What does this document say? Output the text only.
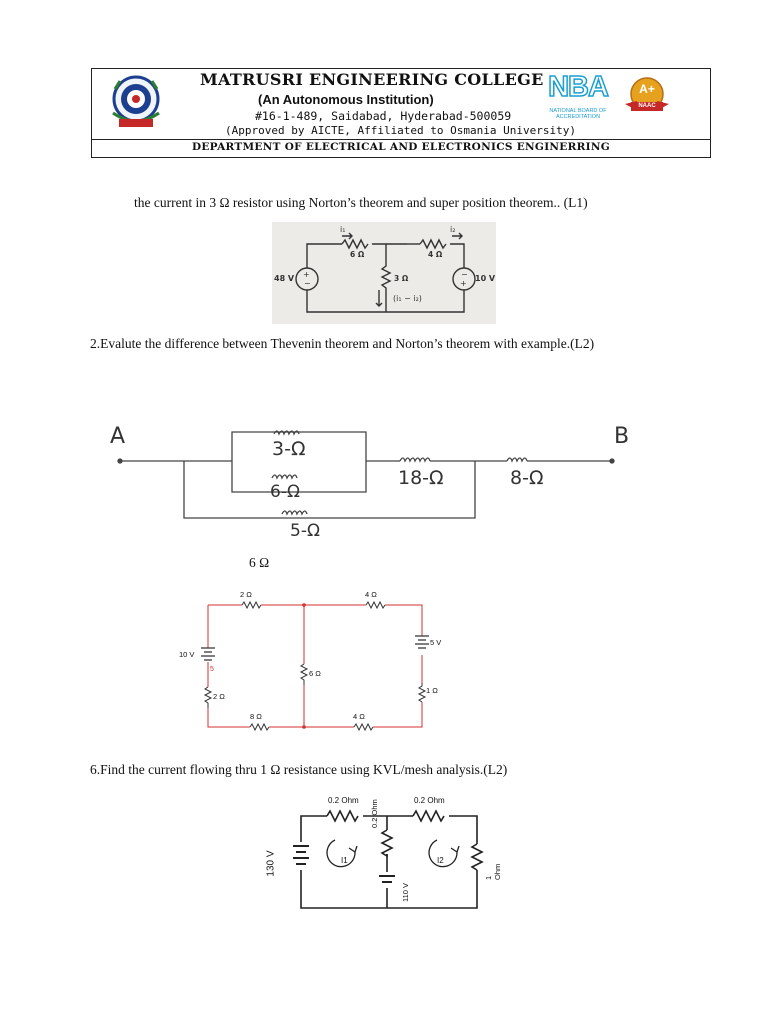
MATRUSRI ENGINEERING COLLEGE
(An Autonomous Institution)
#16-1-489, Saidabad, Hyderabad-500059
(Approved by AICTE, Affiliated to Osmania University)
DEPARTMENT OF ELECTRICAL AND ELECTRONICS ENGINERRING
NBA
NATIONAL BOARD OF ACCREDITATION
A+
NAAC
the current in 3 Ω resistor using Norton’s theorem and super position theorem.. (L1)
+
−
−
+
48 V	10 V
6 Ω	4 Ω
3 Ω
i₁	i₂
(i₁ − i₂)
2.Evalute the difference between Thevenin theorem and Norton’s theorem with example.(L2)
A	B
3-Ω
6-Ω
5-Ω
18-Ω	8-Ω
6 Ω
2 Ω	4 Ω
10 V
5 V
6 Ω
2 Ω
1 Ω
8 Ω	4 Ω
5
6.Find the current flowing thru 1 Ω resistance using KVL/mesh analysis.(L2)
0.2 Ohm	0.2 Ohm
130 V
0.2 Ohm
110 V
1 Ohm
I1	I2
